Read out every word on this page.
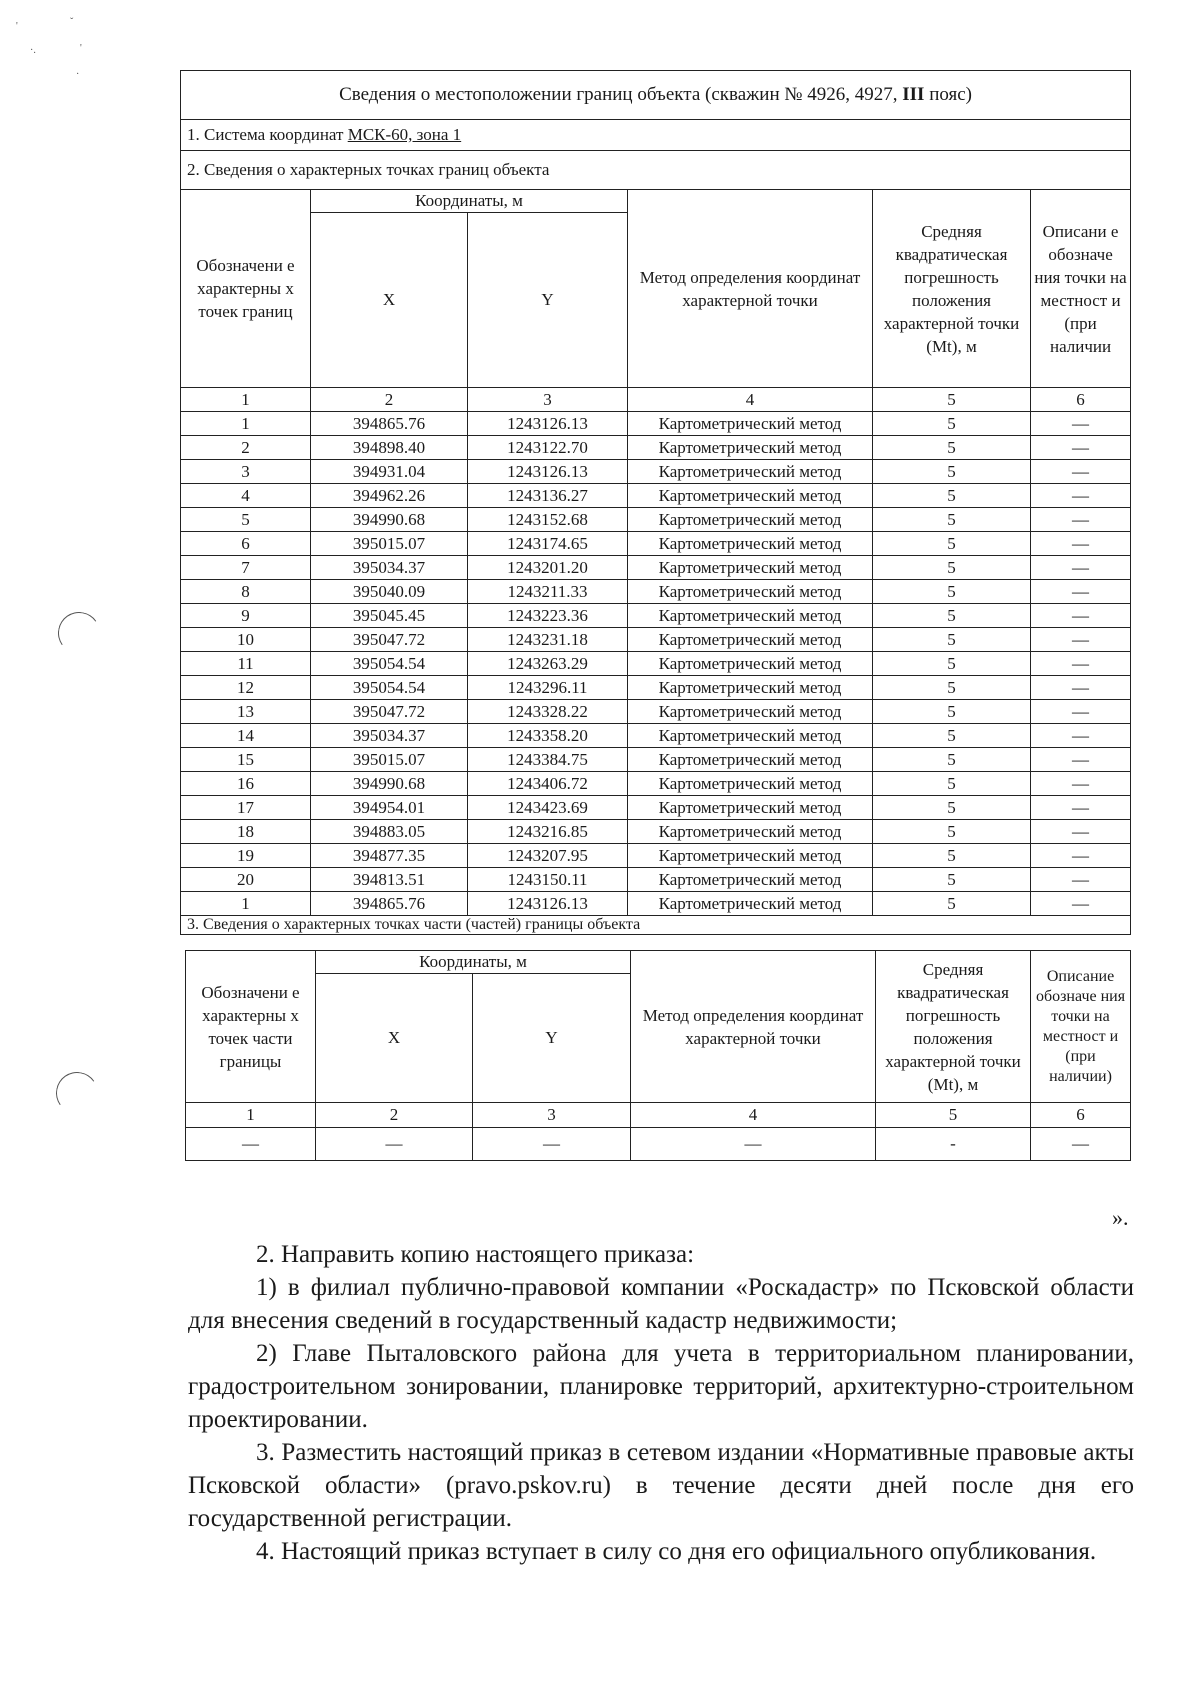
'	ˇ
·.	'
·
Сведения о местоположении границ объекта (скважин № 4926, 4927, III пояс)					
1. Система координат МСК-60, зона 1					
2. Сведения о характерных точках границ объекта					
Обозначени е характерны х точек границ	Координаты, м		Метод определения координат характерной точки	Средняя квадратическая погрешность положения характерной точки (Мt), м	Описани е обозначе ния точки на местност и (при наличии
	X	Y			
1	2	3	4	5	6
1	394865.76	1243126.13	Картометрический метод	5	—
2	394898.40	1243122.70	Картометрический метод	5	—
3	394931.04	1243126.13	Картометрический метод	5	—
4	394962.26	1243136.27	Картометрический метод	5	—
5	394990.68	1243152.68	Картометрический метод	5	—
6	395015.07	1243174.65	Картометрический метод	5	—
7	395034.37	1243201.20	Картометрический метод	5	—
8	395040.09	1243211.33	Картометрический метод	5	—
9	395045.45	1243223.36	Картометрический метод	5	—
10	395047.72	1243231.18	Картометрический метод	5	—
11	395054.54	1243263.29	Картометрический метод	5	—
12	395054.54	1243296.11	Картометрический метод	5	—
13	395047.72	1243328.22	Картометрический метод	5	—
14	395034.37	1243358.20	Картометрический метод	5	—
15	395015.07	1243384.75	Картометрический метод	5	—
16	394990.68	1243406.72	Картометрический метод	5	—
17	394954.01	1243423.69	Картометрический метод	5	—
18	394883.05	1243216.85	Картометрический метод	5	—
19	394877.35	1243207.95	Картометрический метод	5	—
20	394813.51	1243150.11	Картометрический метод	5	—
1	394865.76	1243126.13	Картометрический метод	5	—
3. Сведения о характерных точках части (частей) границы объекта					
Обозначени е характерны х точек части границы	Координаты, м		Метод определения координат характерной точки	Средняя квадратическая погрешность положения характерной точки (Мt), м	Описание обозначе ния точки на местност и (при наличии)
	X	Y			
1	2	3	4	5	6
—	—	—	—	-	—
».

2. Направить копию настоящего приказа:

1) в филиал публично-правовой компании «Роскадастр» по Псковской области для внесения сведений в государственный кадастр недвижимости;

2) Главе Пыталовского района для учета в территориальном планировании, градостроительном зонировании, планировке территорий, архитектурно-строительном проектировании.

3. Разместить настоящий приказ в сетевом издании «Нормативные правовые акты Псковской области» (pravo.pskov.ru) в течение десяти дней после дня его государственной регистрации.

4. Настоящий приказ вступает в силу со дня его официального опубликования.
